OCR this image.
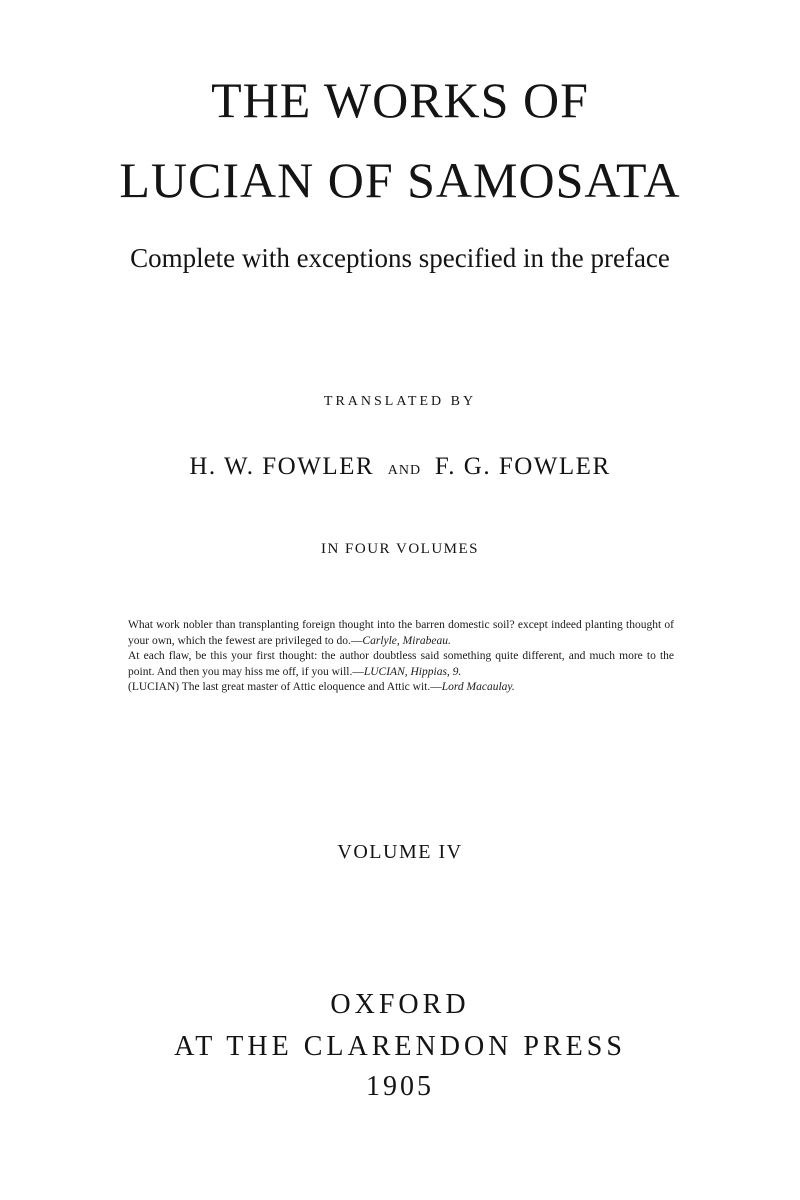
THE WORKS OF
LUCIAN OF SAMOSATA
Complete with exceptions specified in the preface
TRANSLATED BY
H. W. FOWLER AND F. G. FOWLER
IN FOUR VOLUMES

What work nobler than transplanting foreign thought into the barren domestic soil? except indeed planting thought of your own, which the fewest are privileged to do.—Carlyle, Mirabeau.

At each flaw, be this your first thought: the author doubtless said something quite different, and much more to the point. And then you may hiss me off, if you will.—LUCIAN, Hippias, 9.

(LUCIAN) The last great master of Attic eloquence and Attic wit.—Lord Macaulay.

VOLUME IV
OXFORD
AT THE CLARENDON PRESS
1905
